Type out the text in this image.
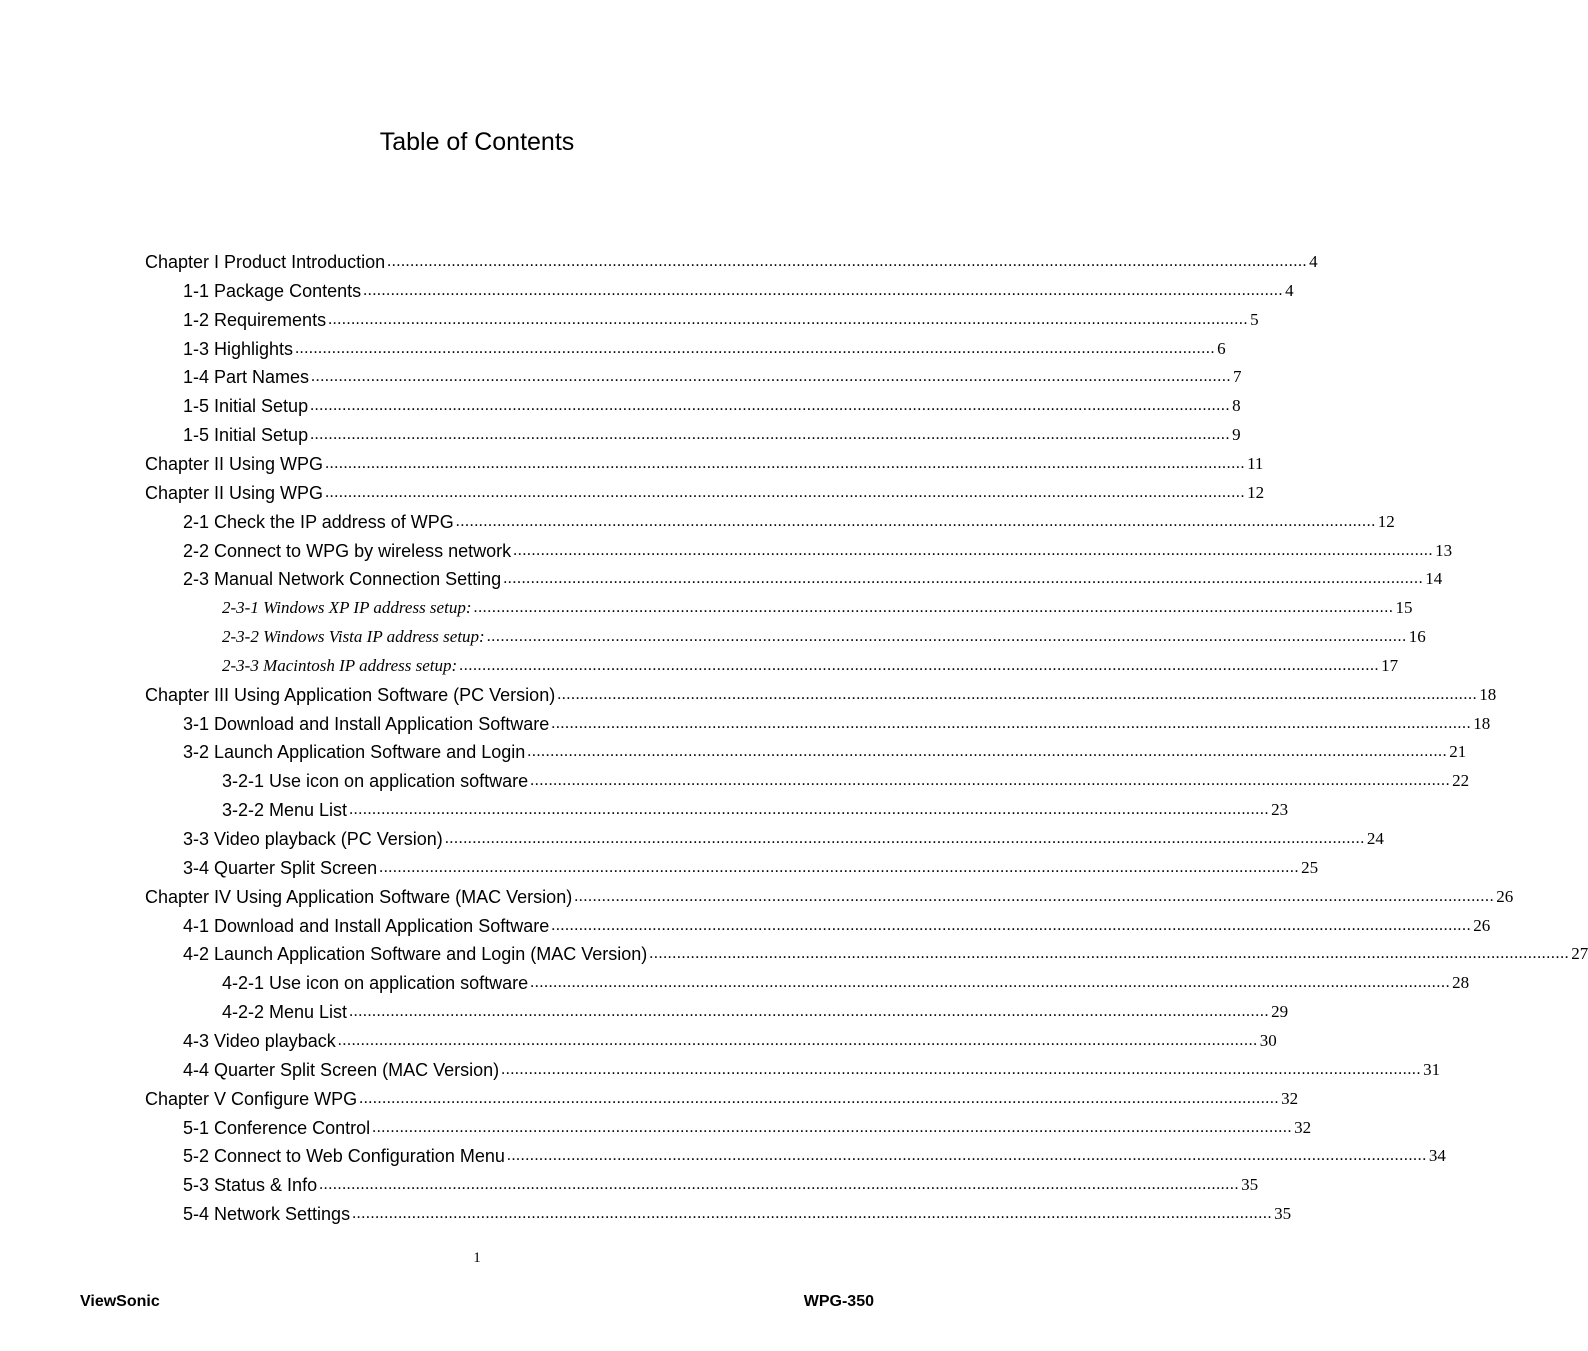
Table of Contents
Chapter I Product Introduction ........................................................................................................................................................................................................ 4
1-1 Package Contents ........................................................................................................................................................................................................ 4
1-2 Requirements ........................................................................................................................................................................................................ 5
1-3 Highlights ........................................................................................................................................................................................................ 6
1-4 Part Names ........................................................................................................................................................................................................ 7
1-5 Initial Setup ........................................................................................................................................................................................................ 8
1-5 Initial Setup ........................................................................................................................................................................................................ 9
Chapter II Using WPG ........................................................................................................................................................................................................ 11
Chapter II Using WPG ........................................................................................................................................................................................................ 12
2-1 Check the IP address of WPG ........................................................................................................................................................................................................ 12
2-2 Connect to WPG by wireless network ........................................................................................................................................................................................................ 13
2-3 Manual Network Connection Setting ........................................................................................................................................................................................................ 14
2-3-1 Windows XP IP address setup: ........................................................................................................................................................................................................ 15
2-3-2 Windows Vista IP address setup: ........................................................................................................................................................................................................ 16
2-3-3 Macintosh IP address setup: ........................................................................................................................................................................................................ 17
Chapter III Using Application Software (PC Version) ........................................................................................................................................................................................................ 18
3-1 Download and Install Application Software ........................................................................................................................................................................................................ 18
3-2 Launch Application Software and Login ........................................................................................................................................................................................................ 21
3-2-1 Use icon on application software ........................................................................................................................................................................................................ 22
3-2-2 Menu List ........................................................................................................................................................................................................ 23
3-3 Video playback (PC Version) ........................................................................................................................................................................................................ 24
3-4 Quarter Split Screen ........................................................................................................................................................................................................ 25
Chapter IV Using Application Software (MAC Version) ........................................................................................................................................................................................................ 26
4-1 Download and Install Application Software ........................................................................................................................................................................................................ 26
4-2 Launch Application Software and Login (MAC Version) ........................................................................................................................................................................................................ 27
4-2-1 Use icon on application software ........................................................................................................................................................................................................ 28
4-2-2 Menu List ........................................................................................................................................................................................................ 29
4-3 Video playback ........................................................................................................................................................................................................ 30
4-4 Quarter Split Screen (MAC Version) ........................................................................................................................................................................................................ 31
Chapter V Configure WPG ........................................................................................................................................................................................................ 32
5-1 Conference Control ........................................................................................................................................................................................................ 32
5-2 Connect to Web Configuration Menu ........................................................................................................................................................................................................ 34
5-3 Status & Info ........................................................................................................................................................................................................ 35
5-4 Network Settings ........................................................................................................................................................................................................ 35
1
ViewSonic	WPG-350
